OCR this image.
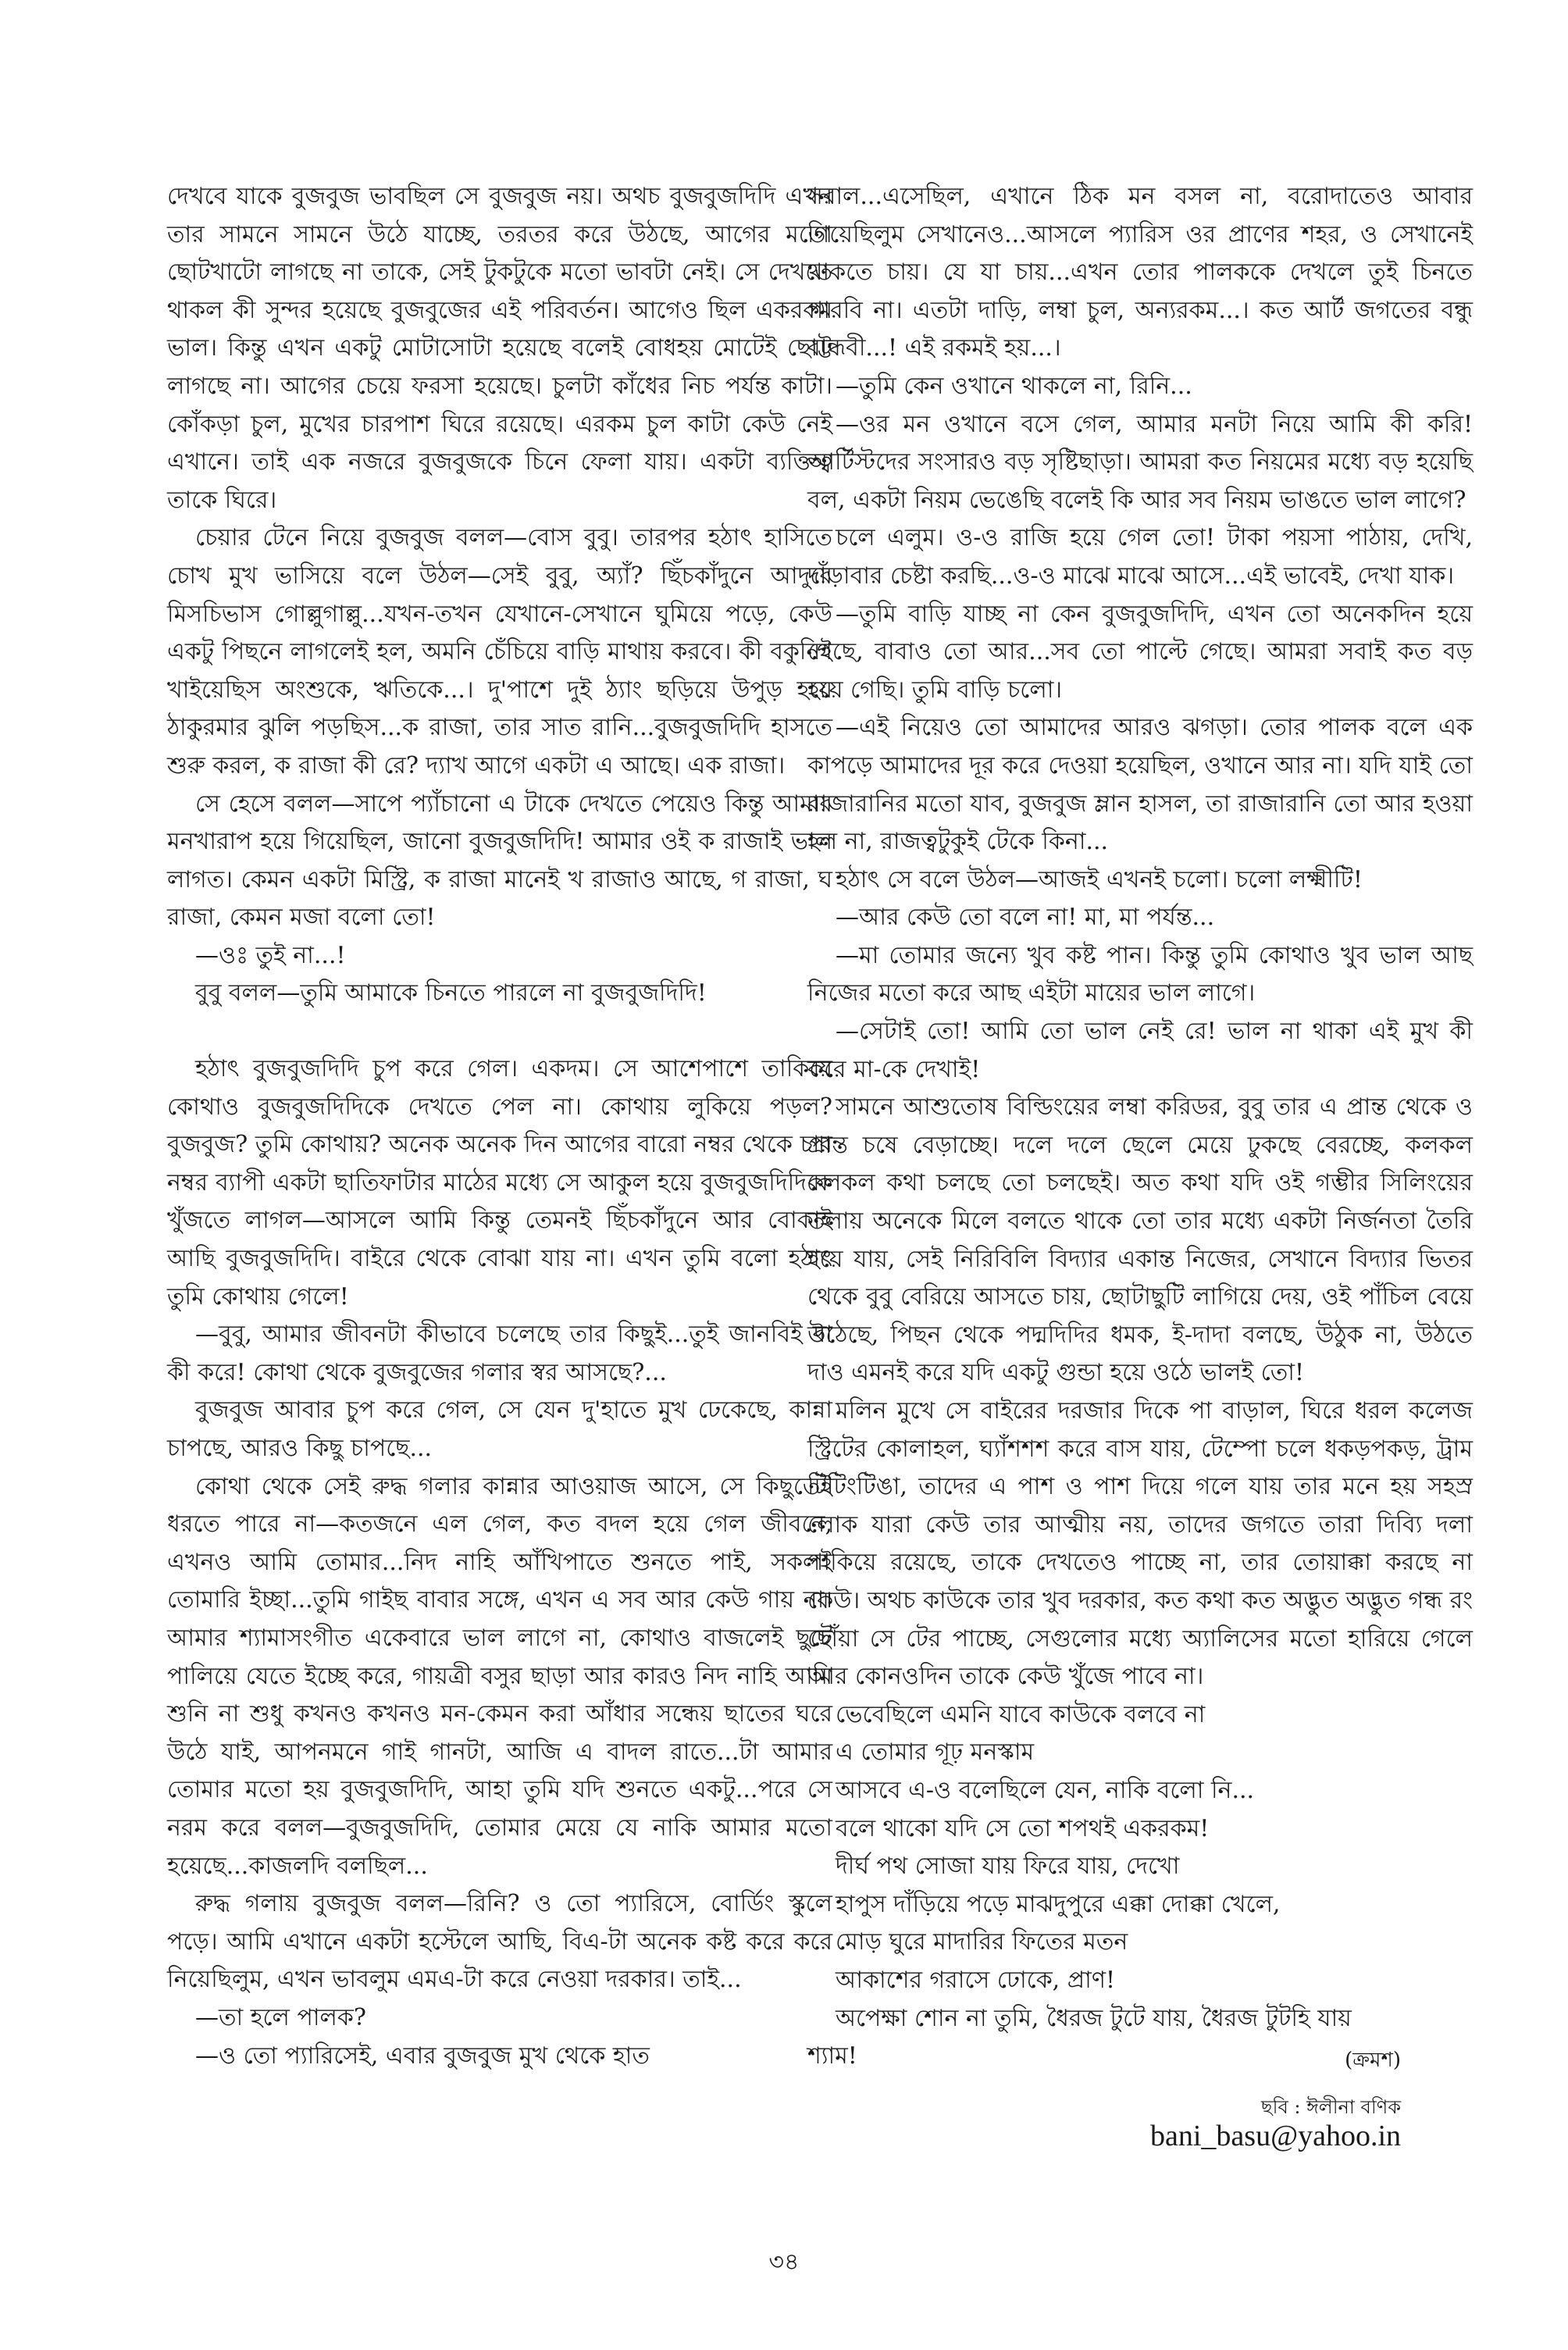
দেখবে যাকে বুজবুজ ভাবছিল সে বুজবুজ নয়। অথচ বুজবুজদিদি এখন তার সামনে সামনে উঠে যাচ্ছে, তরতর করে উঠছে, আগের মতো ছোটখাটো লাগছে না তাকে, সেই টুকটুকে মতো ভাবটা নেই। সে দেখতে থাকল কী সুন্দর হয়েছে বুজবুজের এই পরিবর্তন। আগেও ছিল একরকম ভাল। কিন্তু এখন একটু মোটাসোটা হয়েছে বলেই বোধহয় মোটেই ছোট্ট লাগছে না। আগের চেয়ে ফরসা হয়েছে। চুলটা কাঁধের নিচ পর্যন্ত কাটা। কোঁকড়া চুল, মুখের চারপাশ ঘিরে রয়েছে। এরকম চুল কাটা কেউ নেই এখানে। তাই এক নজরে বুজবুজকে চিনে ফেলা যায়। একটা ব্যক্তিত্ব তাকে ঘিরে।

চেয়ার টেনে নিয়ে বুজবুজ বলল—বোস বুবু। তারপর হঠাৎ হাসিতে চোখ মুখ ভাসিয়ে বলে উঠল—সেই বুবু, অ্যাঁ? ছিঁচকাঁদুনে আদুরে মিসচিভাস গোল্লুগাল্লু...যখন-তখন যেখানে-সেখানে ঘুমিয়ে পড়ে, কেউ একটু পিছনে লাগলেই হল, অমনি চেঁচিয়ে বাড়ি মাথায় করবে। কী বকুনিই খাইয়েছিস অংশুকে, ঋতিকে...। দু'পাশে দুই ঠ্যাং ছড়িয়ে উপুড় হয়ে ঠাকুরমার ঝুলি পড়ছিস...ক রাজা, তার সাত রানি...বুজবুজদিদি হাসতে শুরু করল, ক রাজা কী রে? দ্যাখ আগে একটা এ আছে। এক রাজা।

সে হেসে বলল—সাপে প্যাঁচানো এ টাকে দেখতে পেয়েও কিন্তু আমার মনখারাপ হয়ে গিয়েছিল, জানো বুজবুজদিদি! আমার ওই ক রাজাই ভাল লাগত। কেমন একটা মিস্ট্রি, ক রাজা মানেই খ রাজাও আছে, গ রাজা, ঘ রাজা, কেমন মজা বলো তো!

—ওঃ তুই না...!

বুবু বলল—তুমি আমাকে চিনতে পারলে না বুজবুজদিদি!

হঠাৎ বুজবুজদিদি চুপ করে গেল। একদম। সে আশেপাশে তাকিয়ে কোথাও বুজবুজদিদিকে দেখতে পেল না। কোথায় লুকিয়ে পড়ল? বুজবুজ? তুমি কোথায়? অনেক অনেক দিন আগের বারো নম্বর থেকে চার নম্বর ব্যাপী একটা ছাতিফাটার মাঠের মধ্যে সে আকুল হয়ে বুজবুজদিদিকে খুঁজতে লাগল—আসলে আমি কিন্তু তেমনই ছিঁচকাঁদুনে আর বোকাই আছি বুজবুজদিদি। বাইরে থেকে বোঝা যায় না। এখন তুমি বলো হঠাৎ তুমি কোথায় গেলে!

—বুবু, আমার জীবনটা কীভাবে চলেছে তার কিছুই...তুই জানবিই বা কী করে! কোথা থেকে বুজবুজের গলার স্বর আসছে?...

বুজবুজ আবার চুপ করে গেল, সে যেন দু'হাতে মুখ ঢেকেছে, কান্না চাপছে, আরও কিছু চাপছে...

কোথা থেকে সেই রুদ্ধ গলার কান্নার আওয়াজ আসে, সে কিছুতেই ধরতে পারে না—কতজনে এল গেল, কত বদল হয়ে গেল জীবনে, এখনও আমি তোমার...নিদ নাহি আঁখিপাতে শুনতে পাই, সকলই তোমারি ইচ্ছা...তুমি গাইছ বাবার সঙ্গে, এখন এ সব আর কেউ গায় না। আমার শ্যামাসংগীত একেবারে ভাল লাগে না, কোথাও বাজলেই ছুটে পালিয়ে যেতে ইচ্ছে করে, গায়ত্রী বসুর ছাড়া আর কারও নিদ নাহি আমি শুনি না শুধু কখনও কখনও মন-কেমন করা আঁধার সন্ধেয় ছাতের ঘরে উঠে যাই, আপনমনে গাই গানটা, আজি এ বাদল রাতে...টা আমার তোমার মতো হয় বুজবুজদিদি, আহা তুমি যদি শুনতে একটু...পরে সে নরম করে বলল—বুজবুজদিদি, তোমার মেয়ে যে নাকি আমার মতো হয়েছে...কাজলদি বলছিল...

রুদ্ধ গলায় বুজবুজ বলল—রিনি? ও তো প্যারিসে, বোর্ডিং স্কুলে পড়ে। আমি এখানে একটা হস্টেলে আছি, বিএ-টা অনেক কষ্ট করে করে নিয়েছিলুম, এখন ভাবলুম এমএ-টা করে নেওয়া দরকার। তাই...

—তা হলে পালক?

—ও তো প্যারিসেই, এবার বুজবুজ মুখ থেকে হাত

সরাল...এসেছিল, এখানে ঠিক মন বসল না, বরোদাতেও আবার গিয়েছিলুম সেখানেও...আসলে প্যারিস ওর প্রাণের শহর, ও সেখানেই থাকতে চায়। যে যা চায়...এখন তোর পালককে দেখলে তুই চিনতে পারবি না। এতটা দাড়ি, লম্বা চুল, অন্যরকম...। কত আর্ট জগতের বন্ধু বান্ধবী...! এই রকমই হয়...।

—তুমি কেন ওখানে থাকলে না, রিনি...

—ওর মন ওখানে বসে গেল, আমার মনটা নিয়ে আমি কী করি! আর্টিস্টদের সংসারও বড় সৃষ্টিছাড়া। আমরা কত নিয়মের মধ্যে বড় হয়েছি বল, একটা নিয়ম ভেঙেছি বলেই কি আর সব নিয়ম ভাঙতে ভাল লাগে?

চলে এলুম। ও-ও রাজি হয়ে গেল তো! টাকা পয়সা পাঠায়, দেখি, দাঁড়াবার চেষ্টা করছি...ও-ও মাঝে মাঝে আসে...এই ভাবেই, দেখা যাক।

—তুমি বাড়ি যাচ্ছ না কেন বুজবুজদিদি, এখন তো অনেকদিন হয়ে গেছে, বাবাও তো আর...সব তো পাল্টে গেছে। আমরা সবাই কত বড় হয়ে গেছি। তুমি বাড়ি চলো।

—এই নিয়েও তো আমাদের আরও ঝগড়া। তোর পালক বলে এক কাপড়ে আমাদের দূর করে দেওয়া হয়েছিল, ওখানে আর না। যদি যাই তো রাজারানির মতো যাব, বুজবুজ ম্লান হাসল, তা রাজারানি তো আর হওয়া হল না, রাজত্বটুকুই টেকে কিনা...

হঠাৎ সে বলে উঠল—আজই এখনই চলো। চলো লক্ষ্মীটি!

—আর কেউ তো বলে না! মা, মা পর্যন্ত...

—মা তোমার জন্যে খুব কষ্ট পান। কিন্তু তুমি কোথাও খুব ভাল আছ নিজের মতো করে আছ এইটা মায়ের ভাল লাগে।

—সেটাই তো! আমি তো ভাল নেই রে! ভাল না থাকা এই মুখ কী করে মা-কে দেখাই!

সামনে আশুতোষ বিল্ডিংয়ের লম্বা করিডর, বুবু তার এ প্রান্ত থেকে ও প্রান্ত চষে বেড়াচ্ছে। দলে দলে ছেলে মেয়ে ঢুকছে বেরচ্ছে, কলকল কলকল কথা চলছে তো চলছেই। অত কথা যদি ওই গম্ভীর সিলিংয়ের তলায় অনেকে মিলে বলতে থাকে তো তার মধ্যে একটা নির্জনতা তৈরি হয়ে যায়, সেই নিরিবিলি বিদ্যার একান্ত নিজের, সেখানে বিদ্যার ভিতর থেকে বুবু বেরিয়ে আসতে চায়, ছোটাছুটি লাগিয়ে দেয়, ওই পাঁচিল বেয়ে উঠেছে, পিছন থেকে পদ্মদিদির ধমক, ই-দাদা বলছে, উঠুক না, উঠতে দাও এমনই করে যদি একটু গুন্ডা হয়ে ওঠে ভালই তো!

মলিন মুখে সে বাইরের দরজার দিকে পা বাড়াল, ঘিরে ধরল কলেজ স্ট্রিটের কোলাহল, ঘ্যাঁশশশ করে বাস যায়, টেম্পো চলে ধকড়পকড়, ট্রাম টিটিংটিঙা, তাদের এ পাশ ও পাশ দিয়ে গলে যায় তার মনে হয় সহস্র লোক যারা কেউ তার আত্মীয় নয়, তাদের জগতে তারা দিব্যি দলা পাকিয়ে রয়েছে, তাকে দেখতেও পাচ্ছে না, তার তোয়াক্কা করছে না কেউ। অথচ কাউকে তার খুব দরকার, কত কথা কত অদ্ভুত অদ্ভুত গন্ধ রং ছোঁয়া সে টের পাচ্ছে, সেগুলোর মধ্যে অ্যালিসের মতো হারিয়ে গেলে আর কোনওদিন তাকে কেউ খুঁজে পাবে না।

ভেবেছিলে এমনি যাবে কাউকে বলবে না
এ তোমার গূঢ় মনস্কাম
আসবে এ-ও বলেছিলে যেন, নাকি বলো নি...
বলে থাকো যদি সে তো শপথই একরকম!
দীর্ঘ পথ সোজা যায় ফিরে যায়, দেখো
হাপুস দাঁড়িয়ে পড়ে মাঝদুপুরে এক্কা দোক্কা খেলে,
মোড় ঘুরে মাদারির ফিতের মতন
আকাশের গরাসে ঢোকে, প্রাণ!

অপেক্ষা শোন না তুমি, ধৈরজ টুটে যায়, ধৈরজ টুটহি যায়

শ্যাম!	(ক্রমশ)
ছবি : ঈলীনা বণিক
bani_basu@yahoo.in
৩৪
